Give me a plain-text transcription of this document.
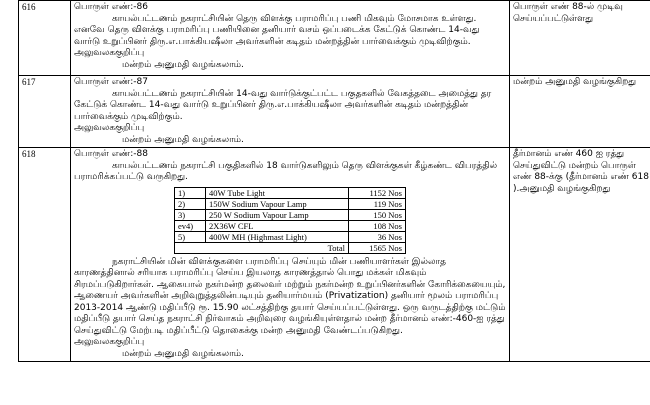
616	பொருள் எண்:-86

காயல்பட்டணம் நகராட்சியின் தெரு விளக்கு பராமரிப்பு பணி மிகவும் மோசமாக உள்ளது. எனவே தெரு விளக்கு பராமரிப்பு பணியினை தனியார் வசம் ஒப்படைக்க கேட்டுக் கொண்ட 14-வது வார்டு உறுப்பினர் திரு.எ.பாக்கியஷீலா அவர்களின் கடிதம் மன்றத்தின் பார்வைக்கும் முடிவிற்கும்.

அலுவலககுறிப்பு

மன்றம் அனுமதி வழங்கலாம்.

	பொருள் எண் 88-ல் முடிவு செய்யப்பட்டுள்ளது
617	பொருள் எண்:-87

காயல்பட்டணம் நகராட்சியின் 14-வது வார்டுக்குட்பட்ட பகுதகளில் வேகத்தடை அமைத்து தர கேட்டுக் கொண்ட 14-வது வார்டு உறுப்பினர் திரு.எ.பாக்கியஷீலா அவர்களின் கடிதம் மன்றத்தின் பார்வைக்கும் முடிவிற்கும்.

அலுவலககுறிப்பு

மன்றம் அனுமதி வழங்கலாம்.

	மன்றம் அனுமதி வழங்குகிறது
618	பொருள் எண்:-88

காயல்பட்டணம் நகராட்சி பகுதிகளில் 18 வார்டுகளிலும் தெரு விளக்குகள் கீழ்கண்ட விபரத்தில் பராமரிக்கப்பட்டு வருகிறது.

1)	40W Tube Light	1152 Nos
2)	150W Sodium Vapour Lamp	119 Nos
3)	250 W Sodium Vapour Lamp	150 Nos
ev4)	2X36W CFL	108 Nos
5)	400W MH (Highmast Light)	36 Nos
Total	1565 Nos

நகராட்சியின் மின் விளக்குகளை பராமரிப்பு செய்யும் மின் பணியாளர்கள் இல்லாத காரணத்தினால் சரியாக பராமரிப்பு செய்ய இயலாத காரணத்தால் பொது மக்கள் மிகவும் சிரமப்படுகிறார்கள். ஆகையால் நகர்மன்ற தலைவர் மற்றும் நகர்மன்ற உறுப்பினர்களின் கோரிக்கையையும், ஆணையர் அவர்களின் அறிவுறுத்தலின்படியும் தனியார்மயம் (Privatization) தனியார் மூலம் பராமரிப்பு 2013-2014 ஆண்டு மதிப்பீடு ரூ. 15.90 லட்சத்திற்கு தயார் செய்யப்பட்டுள்ளது. ஒரு வருடத்திற்கு மட்டும் மதிப்பீடு தயார் செய்த நகராட்சி நிர்வாகம் அறிவுரை வழங்கியுள்ளதால் மன்ற தீர்மானம் எண்:-460-ஐ ரத்து செய்துவிட்டு மேற்படி மதிப்பீட்டு தொகைக்கு மன்ற அனுமதி வேண்டப்படுகிறது.

அலுவலககுறிப்பு

மன்றம் அனுமதி வழங்கலாம்.

	தீர்மானம் எண் 460 ஐ ரத்து செய்துவிட்டு மன்றம் பொருள் எண் 88-க்கு (தீர்மானம் எண் 618 ).அனுமதி வழங்குகிறது
